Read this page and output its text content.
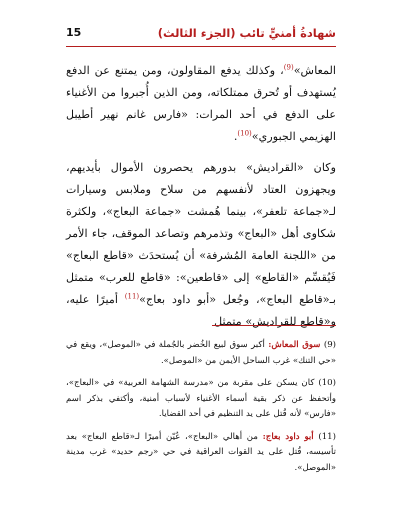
شهادةُ أمنيٍّ تائب (الجزء الثالث)
15

المعاش»$^{(9)}$، وكذلك يدفع المقاولون، ومن يمتنع عن الدفع يُستهدف أو تُحرق ممتلكاته، ومن الذين أُجبروا من الأغنياء على الدفع في أحد المرات: «فارس غانم نهير أطيبل الهزيمي الجبوري»$^{(10)}$.

وكان «القراديش» بدورهم يحصرون الأموال بأيديهم، ويجهزون العتاد لأنفسهم من سلاح وملابس وسيارات لـ«جماعة تلعفر»، بينما هُمشت «جماعة البعاج»، ولكثرة شكاوى أهل «البعاج» وتذمرهم وتصاعد الموقف، جاء الأمر من «اللجنة العامة المُشرفة» أن يُستحدَث «قاطع البعاج» فَيُقسِّم «القاطع» إلى «قاطعين»: «قاطع للعرب» متمثل بـ«قاطع البعاج»، وجُعل «أبو داود بعاج»$^{(11)}$ أميرًا عليه، و«قاطع للقراديش» متمثل

(9) سوق المعاش: أكبر سوق لبيع الخُضر بالجُملة في «الموصل»، ويقع في «حي التنك» غرب الساحل الأيمن من «الموصل».

(10) كان يسكن على مقربة من «مدرسة الشهامة العربية» في «البعاج»، وأتحفظ عن ذكر بقية أسماء الأغنياء لأسباب أمنية، وأكتفي بذكر اسم «فارس» لأنه قُتل على يد التنظيم في أحد القضايا.

(11) أبو داود بعاج: من أهالي «البعاج»، عُيّن أميرًا لـ«قاطع البعاج» بعد تأسيسه، قُتل على يد القوات العراقية في حي «رجم حديد» غرب مدينة «الموصل».
